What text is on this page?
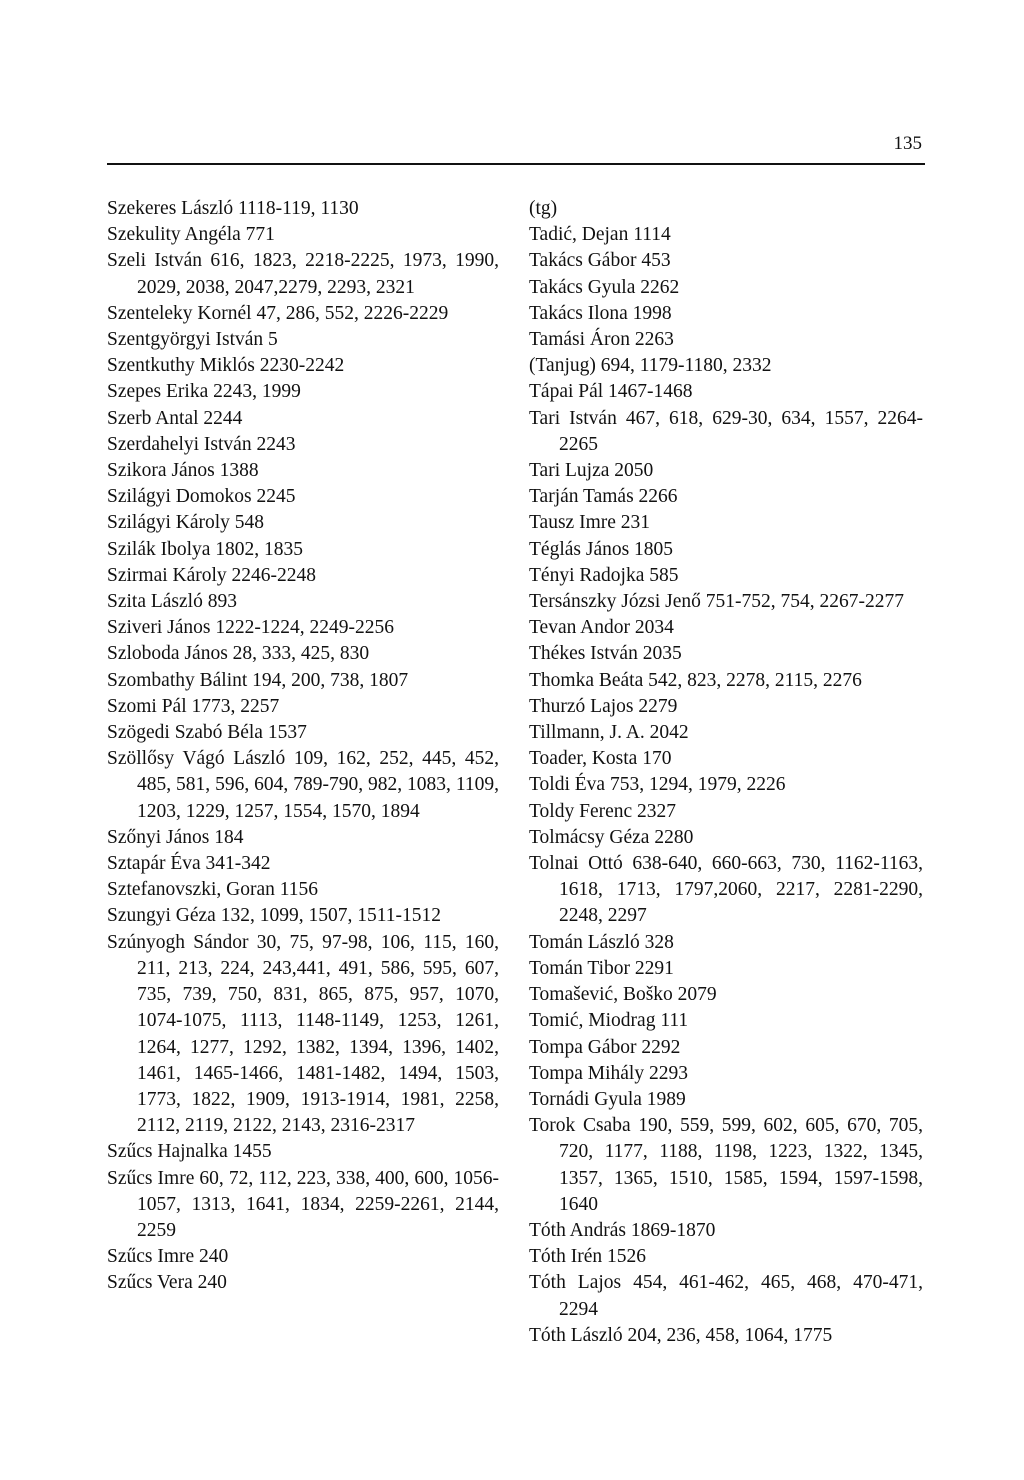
135
Szekeres László 1118-119, 1130
Szekulity Angéla 771
Szeli István 616, 1823, 2218-2225, 1973, 1990, 2029, 2038, 2047,2279, 2293, 2321
Szenteleky Kornél 47, 286, 552, 2226-2229
Szentgyörgyi István 5
Szentkuthy Miklós 2230-2242
Szepes Erika 2243, 1999
Szerb Antal 2244
Szerdahelyi István 2243
Szikora János 1388
Szilágyi Domokos 2245
Szilágyi Károly 548
Szilák Ibolya 1802, 1835
Szirmai Károly 2246-2248
Szita László 893
Sziveri János 1222-1224, 2249-2256
Szloboda János 28, 333, 425, 830
Szombathy Bálint 194, 200, 738, 1807
Szomi Pál 1773, 2257
Szögedi Szabó Béla 1537
Szöllősy Vágó László 109, 162, 252, 445, 452, 485, 581, 596, 604, 789-790, 982, 1083, 1109, 1203, 1229, 1257, 1554, 1570, 1894
Szőnyi János 184
Sztapár Éva 341-342
Sztefanovszki, Goran 1156
Szungyi Géza 132, 1099, 1507, 1511-1512
Szúnyogh Sándor 30, 75, 97-98, 106, 115, 160, 211, 213, 224, 243,441, 491, 586, 595, 607, 735, 739, 750, 831, 865, 875, 957, 1070, 1074-1075, 1113, 1148-1149, 1253, 1261, 1264, 1277, 1292, 1382, 1394, 1396, 1402, 1461, 1465-1466, 1481-1482, 1494, 1503, 1773, 1822, 1909, 1913-1914, 1981, 2258, 2112, 2119, 2122, 2143, 2316-2317
Szűcs Hajnalka 1455
Szűcs Imre 60, 72, 112, 223, 338, 400, 600, 1056-1057, 1313, 1641, 1834, 2259-2261, 2144, 2259
Szűcs Imre 240
Szűcs Vera 240
(tg)
Tadić, Dejan 1114
Takács Gábor 453
Takács Gyula 2262
Takács Ilona 1998
Tamási Áron 2263
(Tanjug) 694, 1179-1180, 2332
Tápai Pál 1467-1468
Tari István 467, 618, 629-30, 634, 1557, 2264-2265
Tari Lujza 2050
Tarján Tamás 2266
Tausz Imre 231
Téglás János 1805
Tényi Radojka 585
Tersánszky Józsi Jenő 751-752, 754, 2267-2277
Tevan Andor 2034
Thékes István 2035
Thomka Beáta 542, 823, 2278, 2115, 2276
Thurzó Lajos 2279
Tillmann, J. A. 2042
Toader, Kosta 170
Toldi Éva 753, 1294, 1979, 2226
Toldy Ferenc 2327
Tolmácsy Géza 2280
Tolnai Ottó 638-640, 660-663, 730, 1162-1163, 1618, 1713, 1797,2060, 2217, 2281-2290, 2248, 2297
Tomán László 328
Tomán Tibor 2291
Tomašević, Boško 2079
Tomić, Miodrag 111
Tompa Gábor 2292
Tompa Mihály 2293
Tornádi Gyula 1989
Torok Csaba 190, 559, 599, 602, 605, 670, 705, 720, 1177, 1188, 1198, 1223, 1322, 1345, 1357, 1365, 1510, 1585, 1594, 1597-1598, 1640
Tóth András 1869-1870
Tóth Irén 1526
Tóth Lajos 454, 461-462, 465, 468, 470-471, 2294
Tóth László 204, 236, 458, 1064, 1775
